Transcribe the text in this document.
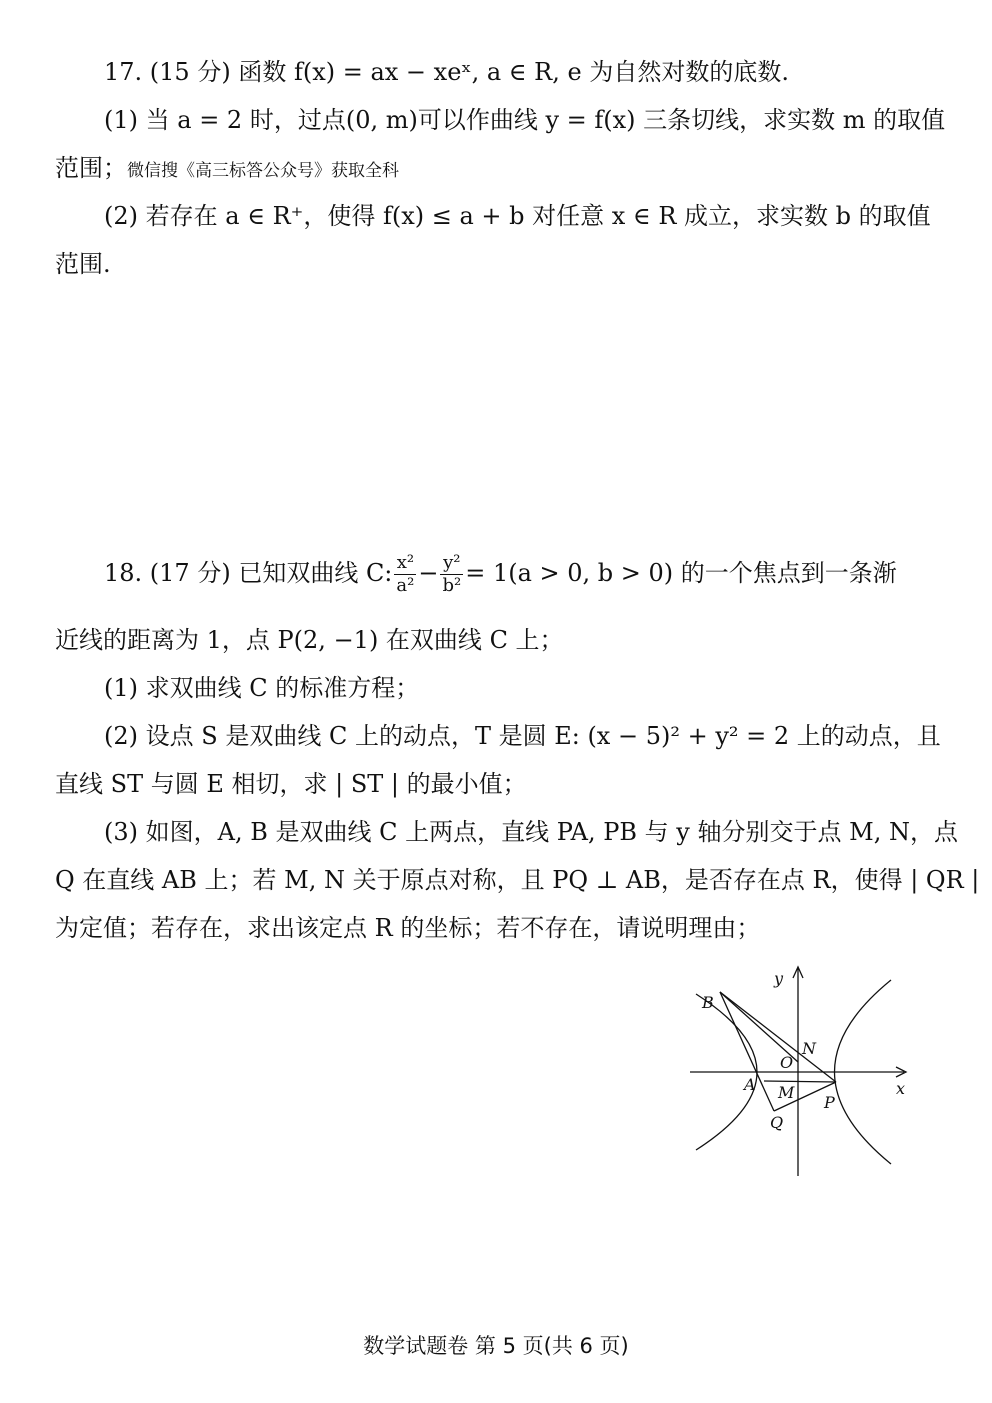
17. (15 分) 函数 f(x) = ax − xeˣ, a ∈ R, e 为自然对数的底数.
(1) 当 a = 2 时，过点(0, m)可以作曲线 y = f(x) 三条切线，求实数 m 的取值
范围；微信搜《高三标答公众号》获取全科
(2) 若存在 a ∈ R⁺，使得 f(x) ≤ a + b 对任意 x ∈ R 成立，求实数 b 的取值
范围.
18. (17 分) 已知双曲线 C: $\frac{\text{x²}}{\text{a²}} - \frac{\text{y²}}{\text{b²}} = 1(a > 0$, b > 0) 的一个焦点到一条渐
近线的距离为 1，点 P(2, −1) 在双曲线 C 上；
(1) 求双曲线 C 的标准方程；
(2) 设点 S 是双曲线 C 上的动点，T 是圆 E: (x − 5)² + y² = 2 上的动点，且
直线 ST 与圆 E 相切，求 | ST | 的最小值；
(3) 如图，A, B 是双曲线 C 上两点，直线 PA, PB 与 y 轴分别交于点 M, N，点
Q 在直线 AB 上；若 M, N 关于原点对称，且 PQ ⊥ AB，是否存在点 R，使得 | QR |
为定值；若存在，求出该定点 R 的坐标；若不存在，请说明理由；
y
x
B
N
O
A M
P
Q
数学试题卷 第 5 页(共 6 页)
